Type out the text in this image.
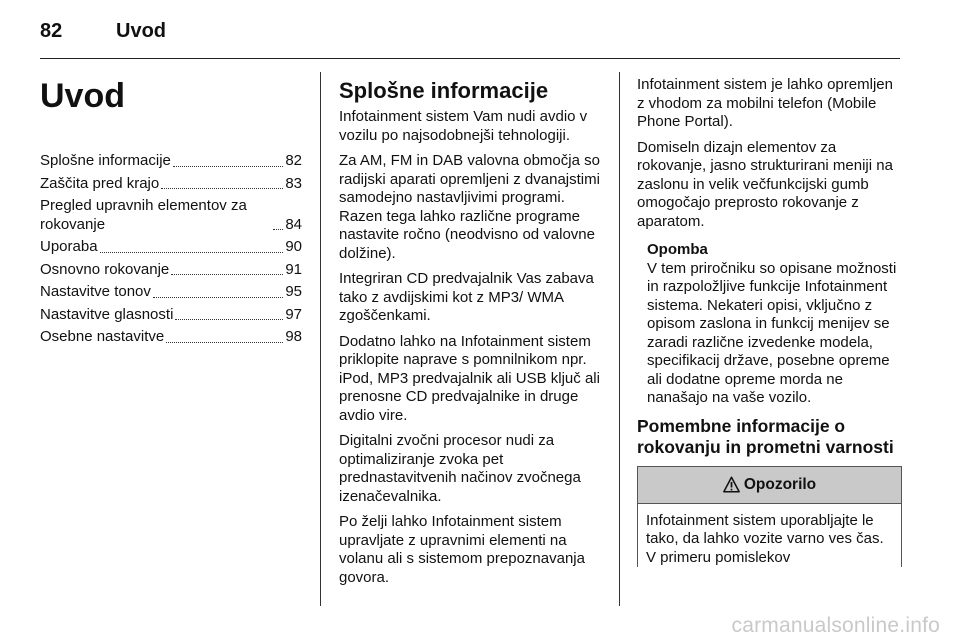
82	Uvod
Uvod
Splošne informacije	82
Zaščita pred krajo	83
Pregled upravnih elementov za rokovanje	84
Uporaba	90
Osnovno rokovanje	91
Nastavitve tonov	95
Nastavitve glasnosti	97
Osebne nastavitve	98
Splošne informacije

Infotainment sistem Vam nudi avdio v vozilu po najsodobnejši tehnologiji.

Za AM, FM in DAB valovna območja so radijski aparati opremljeni z dvanajstimi samodejno nastavljivimi programi. Razen tega lahko različne programe nastavite ročno (neodvisno od valovne dolžine).

Integriran CD predvajalnik Vas zabava tako z avdijskimi kot z MP3/ WMA zgoščenkami.

Dodatno lahko na Infotainment sistem priklopite naprave s pomnilnikom npr. iPod, MP3 predvajalnik ali USB ključ ali prenosne CD predvajalnike in druge avdio vire.

Digitalni zvočni procesor nudi za optimaliziranje zvoka pet prednastavitvenih načinov zvočnega izenačevalnika.

Po želji lahko Infotainment sistem upravljate z upravnimi elementi na volanu ali s sistemom prepoznavanja govora.

Infotainment sistem je lahko opremljen z vhodom za mobilni telefon (Mobile Phone Portal).

Domiseln dizajn elementov za rokovanje, jasno strukturirani meniji na zaslonu in velik večfunkcijski gumb omogočajo preprosto rokovanje z aparatom.

Opomba
V tem priročniku so opisane možnosti in razpoložljive funkcije Infotainment sistema. Nekateri opisi, vključno z opisom zaslona in funkcij menijev se zaradi različne izvedenke modela, specifikacij države, posebne opreme ali dodatne opreme morda ne nanašajo na vaše vozilo.
Pomembne informacije o rokovanju in prometni varnosti
Opozorilo
Infotainment sistem uporabljajte le tako, da lahko vozite varno ves čas. V primeru pomislekov
carmanualsonline.info
